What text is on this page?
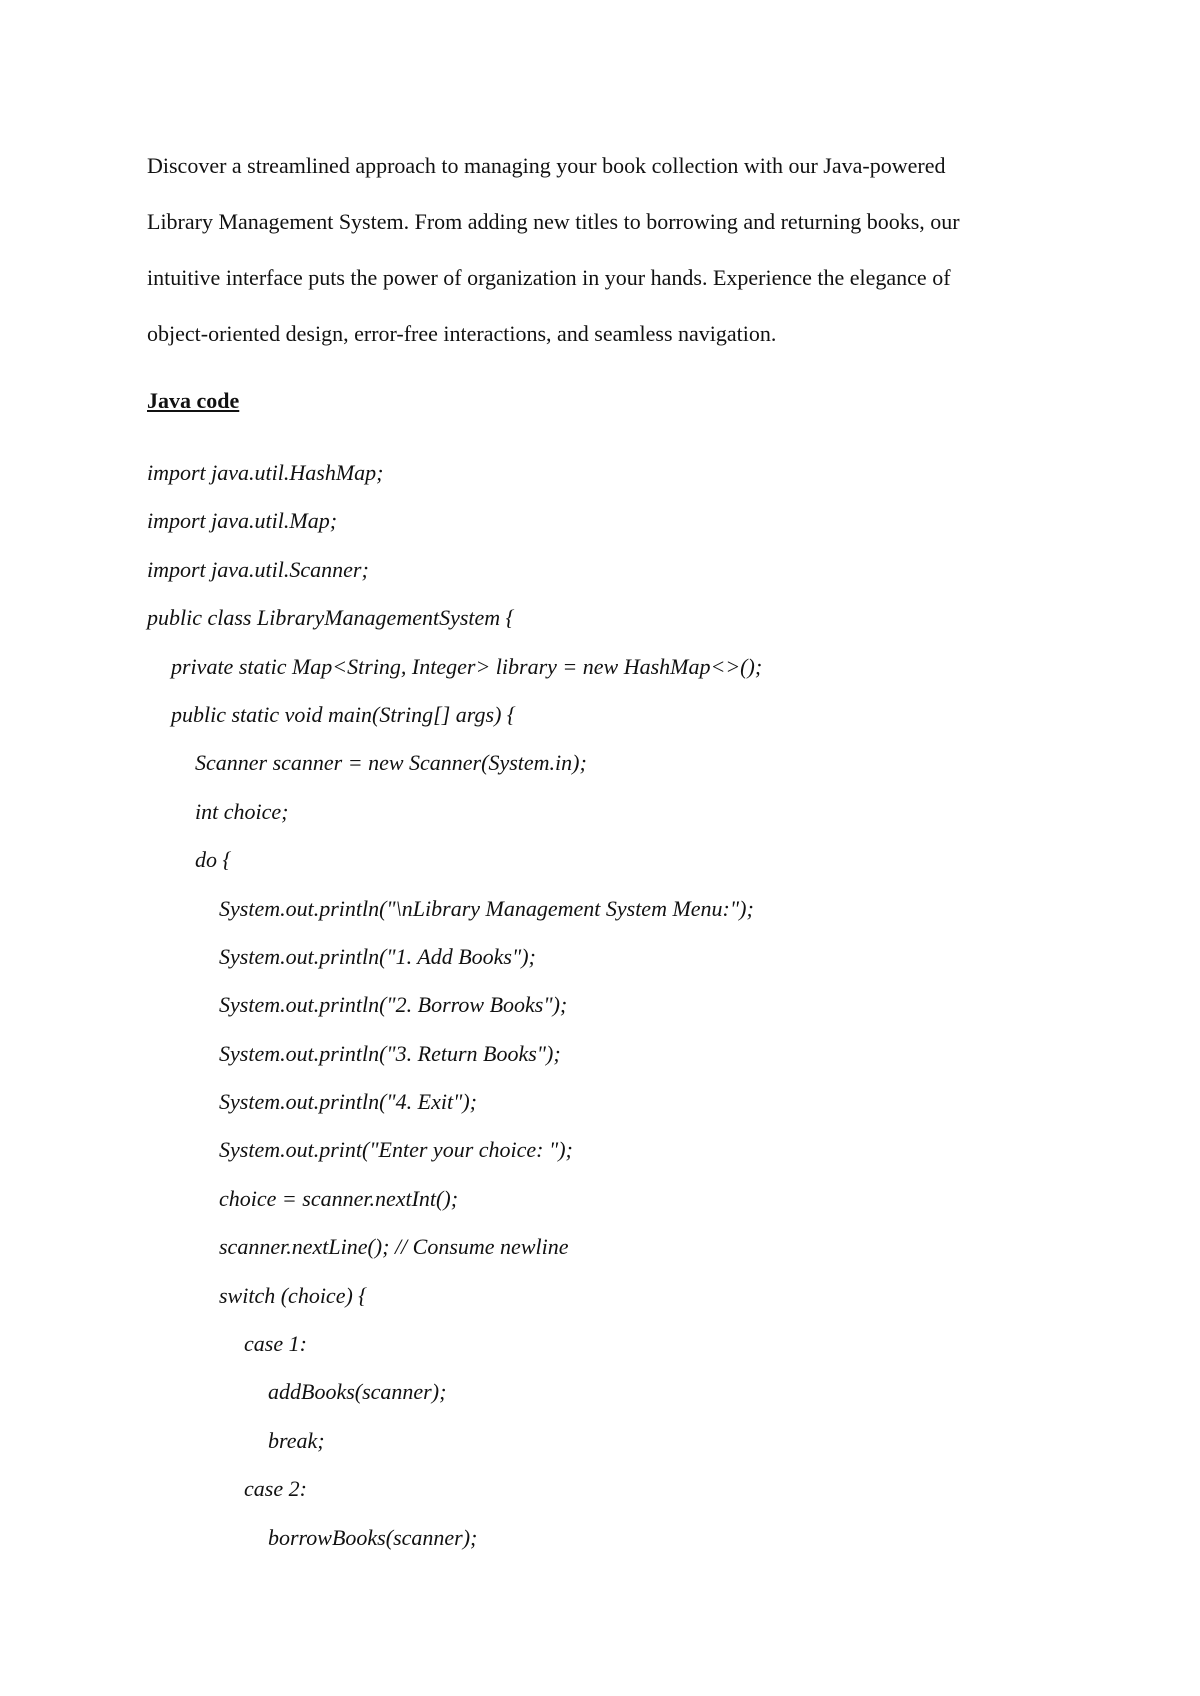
Discover a streamlined approach to managing your book collection with our Java-powered
Library Management System. From adding new titles to borrowing and returning books, our
intuitive interface puts the power of organization in your hands. Experience the elegance of
object-oriented design, error-free interactions, and seamless navigation.

Java code
import java.util.HashMap;
import java.util.Map;
import java.util.Scanner;
public class LibraryManagementSystem {
private static Map<String, Integer> library = new HashMap<>();
public static void main(String[] args) {
Scanner scanner = new Scanner(System.in);
int choice;
do {
System.out.println("\nLibrary Management System Menu:");
System.out.println("1. Add Books");
System.out.println("2. Borrow Books");
System.out.println("3. Return Books");
System.out.println("4. Exit");
System.out.print("Enter your choice: ");
choice = scanner.nextInt();
scanner.nextLine(); // Consume newline
switch (choice) {
case 1:
addBooks(scanner);
break;
case 2:
borrowBooks(scanner);
